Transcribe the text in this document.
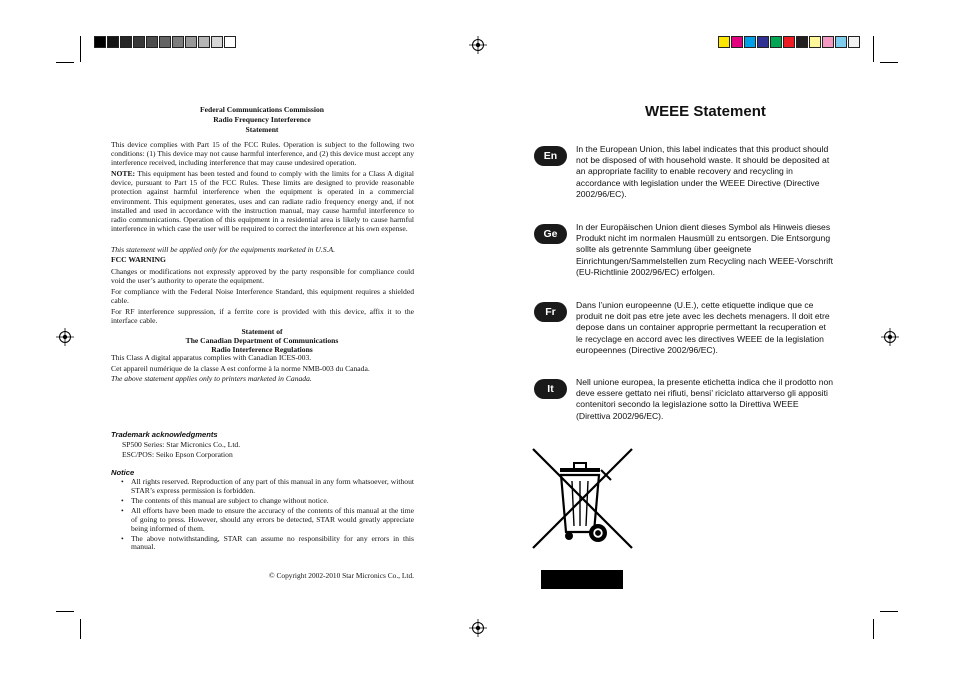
Federal Communications Commission
Radio Frequency Interference
Statement
This device complies with Part 15 of the FCC Rules. Operation is subject to the following two conditions: (1) This device may not cause harmful interference, and (2) this device must accept any interference received, including interference that may cause undesired operation.
NOTE: This equipment has been tested and found to comply with the limits for a Class A digital device, pursuant to Part 15 of the FCC Rules. These limits are designed to provide reasonable protection against harmful interference when the equipment is operated in a commercial environment. This equipment generates, uses and can radiate radio frequency energy and, if not installed and used in accordance with the instruction manual, may cause harmful interference to radio communications. Operation of this equipment in a residential area is likely to cause harmful interference in which case the user will be required to correct the interference at his own expense.
This statement will be applied only for the equipments marketed in U.S.A.
FCC WARNING
Changes or modifications not expressly approved by the party responsible for compliance could void the user’s authority to operate the equipment.
For compliance with the Federal Noise Interference Standard, this equipment requires a shielded cable.
For RF interference suppression, if a ferrite core is provided with this device, affix it to the interface cable.
Statement of
The Canadian Department of Communications
Radio Interference Regulations
This Class A digital apparatus complies with Canadian ICES-003.
Cet appareil numérique de la classe A est conforme à la norme NMB-003 du Canada.
The above statement applies only to printers marketed in Canada.
Trademark acknowledgments
SP500 Series: Star Micronics Co., Ltd.
ESC/POS: Seiko Epson Corporation
Notice
• All rights reserved. Reproduction of any part of this manual in any form whatsoever, without STAR’s express permission is forbidden.
• The contents of this manual are subject to change without notice.
• All efforts have been made to ensure the accuracy of the contents of this manual at the time of going to press. However, should any errors be detected, STAR would greatly appreciate being informed of them.
• The above notwithstanding, STAR can assume no responsibility for any errors in this manual.
© Copyright 2002-2010 Star Micronics Co., Ltd.
WEEE Statement
En
In the European Union, this label indicates that this product should not be disposed of with household waste. It should be deposited at an appropriate facility to enable recovery and recycling in accordance with legislation under the WEEE Directive (Directive 2002/96/EC).
Ge
In der Europäischen Union dient dieses Symbol als Hinweis dieses Produkt nicht im normalen Hausmüll zu entsorgen. Die Entsorgung sollte als getrennte Sammlung über geeignete Einrichtungen/Sammelstellen zum Recycling nach WEEE-Vorschrift (EU-Richtlinie 2002/96/EC) erfolgen.
Fr
Dans l’union europeenne (U.E.), cette etiquette indique que ce produit ne doit pas etre jete avec les dechets menagers. Il doit etre depose dans un container approprie permettant la recuperation et le recyclage en accord avec les directives WEEE de la legislation europeennes (Directive 2002/96/EC).
It
Nell unione europea, la presente etichetta indica che il prodotto non deve essere gettato nei rifiuti, bensi’ riciclato attarverso gli appositi contenitori secondo la legislazione sotto la Direttiva WEEE (Direttiva 2002/96/EC).
